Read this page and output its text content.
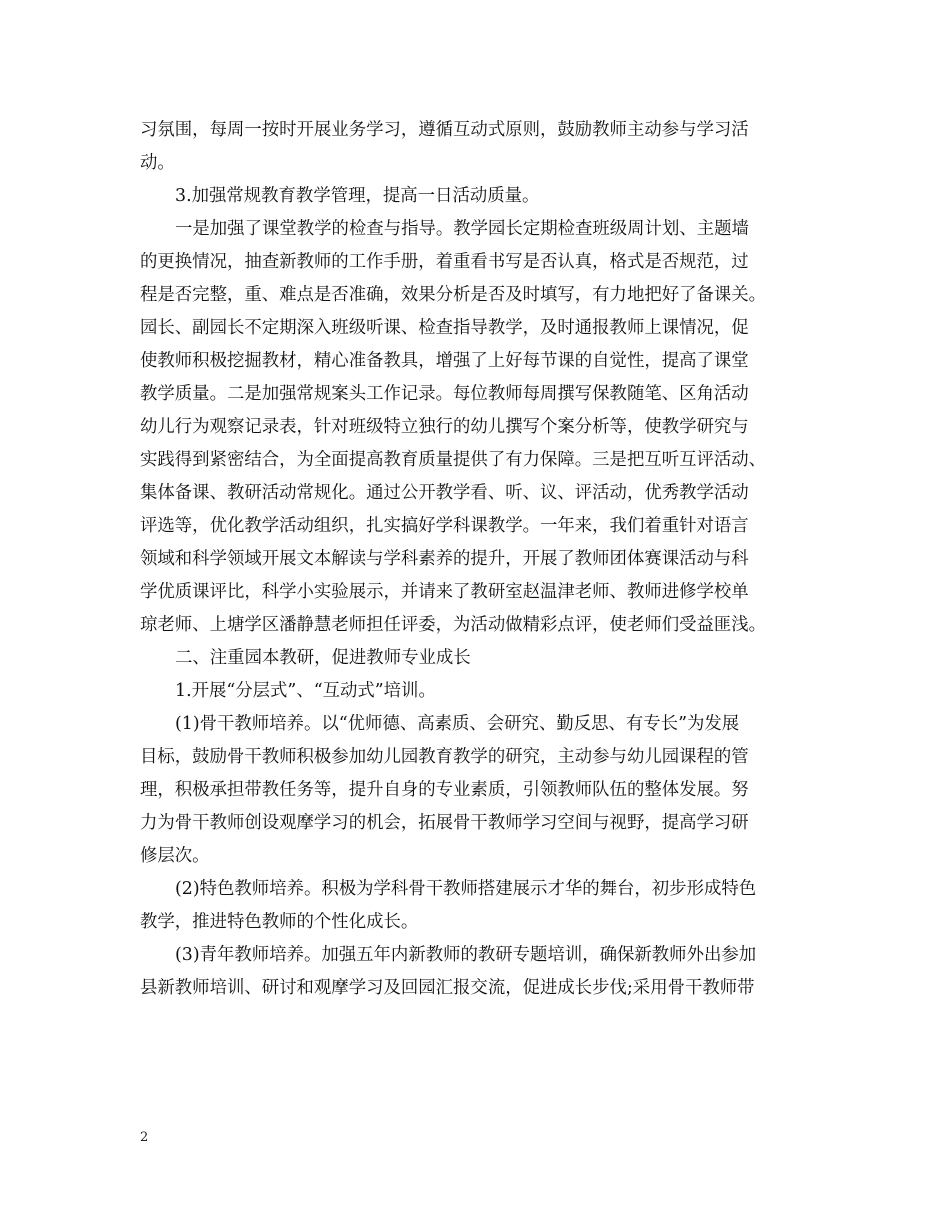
习氛围，每周一按时开展业务学习，遵循互动式原则，鼓励教师主动参与学习活
动。
3.加强常规教育教学管理，提高一日活动质量。
一是加强了课堂教学的检查与指导。教学园长定期检查班级周计划、主题墙
的更换情况，抽查新教师的工作手册，着重看书写是否认真，格式是否规范，过
程是否完整，重、难点是否准确，效果分析是否及时填写，有力地把好了备课关。
园长、副园长不定期深入班级听课、检查指导教学，及时通报教师上课情况，促
使教师积极挖掘教材，精心准备教具，增强了上好每节课的自觉性，提高了课堂
教学质量。二是加强常规案头工作记录。每位教师每周撰写保教随笔、区角活动
幼儿行为观察记录表，针对班级特立独行的幼儿撰写个案分析等，使教学研究与
实践得到紧密结合，为全面提高教育质量提供了有力保障。三是把互听互评活动、
集体备课、教研活动常规化。通过公开教学看、听、议、评活动，优秀教学活动
评选等，优化教学活动组织，扎实搞好学科课教学。一年来，我们着重针对语言
领域和科学领域开展文本解读与学科素养的提升，开展了教师团体赛课活动与科
学优质课评比，科学小实验展示，并请来了教研室赵温津老师、教师进修学校单
琼老师、上塘学区潘静慧老师担任评委，为活动做精彩点评，使老师们受益匪浅。
二、注重园本教研，促进教师专业成长
1.开展“分层式”、“互动式”培训。
(1)骨干教师培养。以“优师德、高素质、会研究、勤反思、有专长”为发展
目标，鼓励骨干教师积极参加幼儿园教育教学的研究，主动参与幼儿园课程的管
理，积极承担带教任务等，提升自身的专业素质，引领教师队伍的整体发展。努
力为骨干教师创设观摩学习的机会，拓展骨干教师学习空间与视野，提高学习研
修层次。
(2)特色教师培养。积极为学科骨干教师搭建展示才华的舞台，初步形成特色
教学，推进特色教师的个性化成长。
(3)青年教师培养。加强五年内新教师的教研专题培训，确保新教师外出参加
县新教师培训、研讨和观摩学习及回园汇报交流，促进成长步伐;采用骨干教师带
2
